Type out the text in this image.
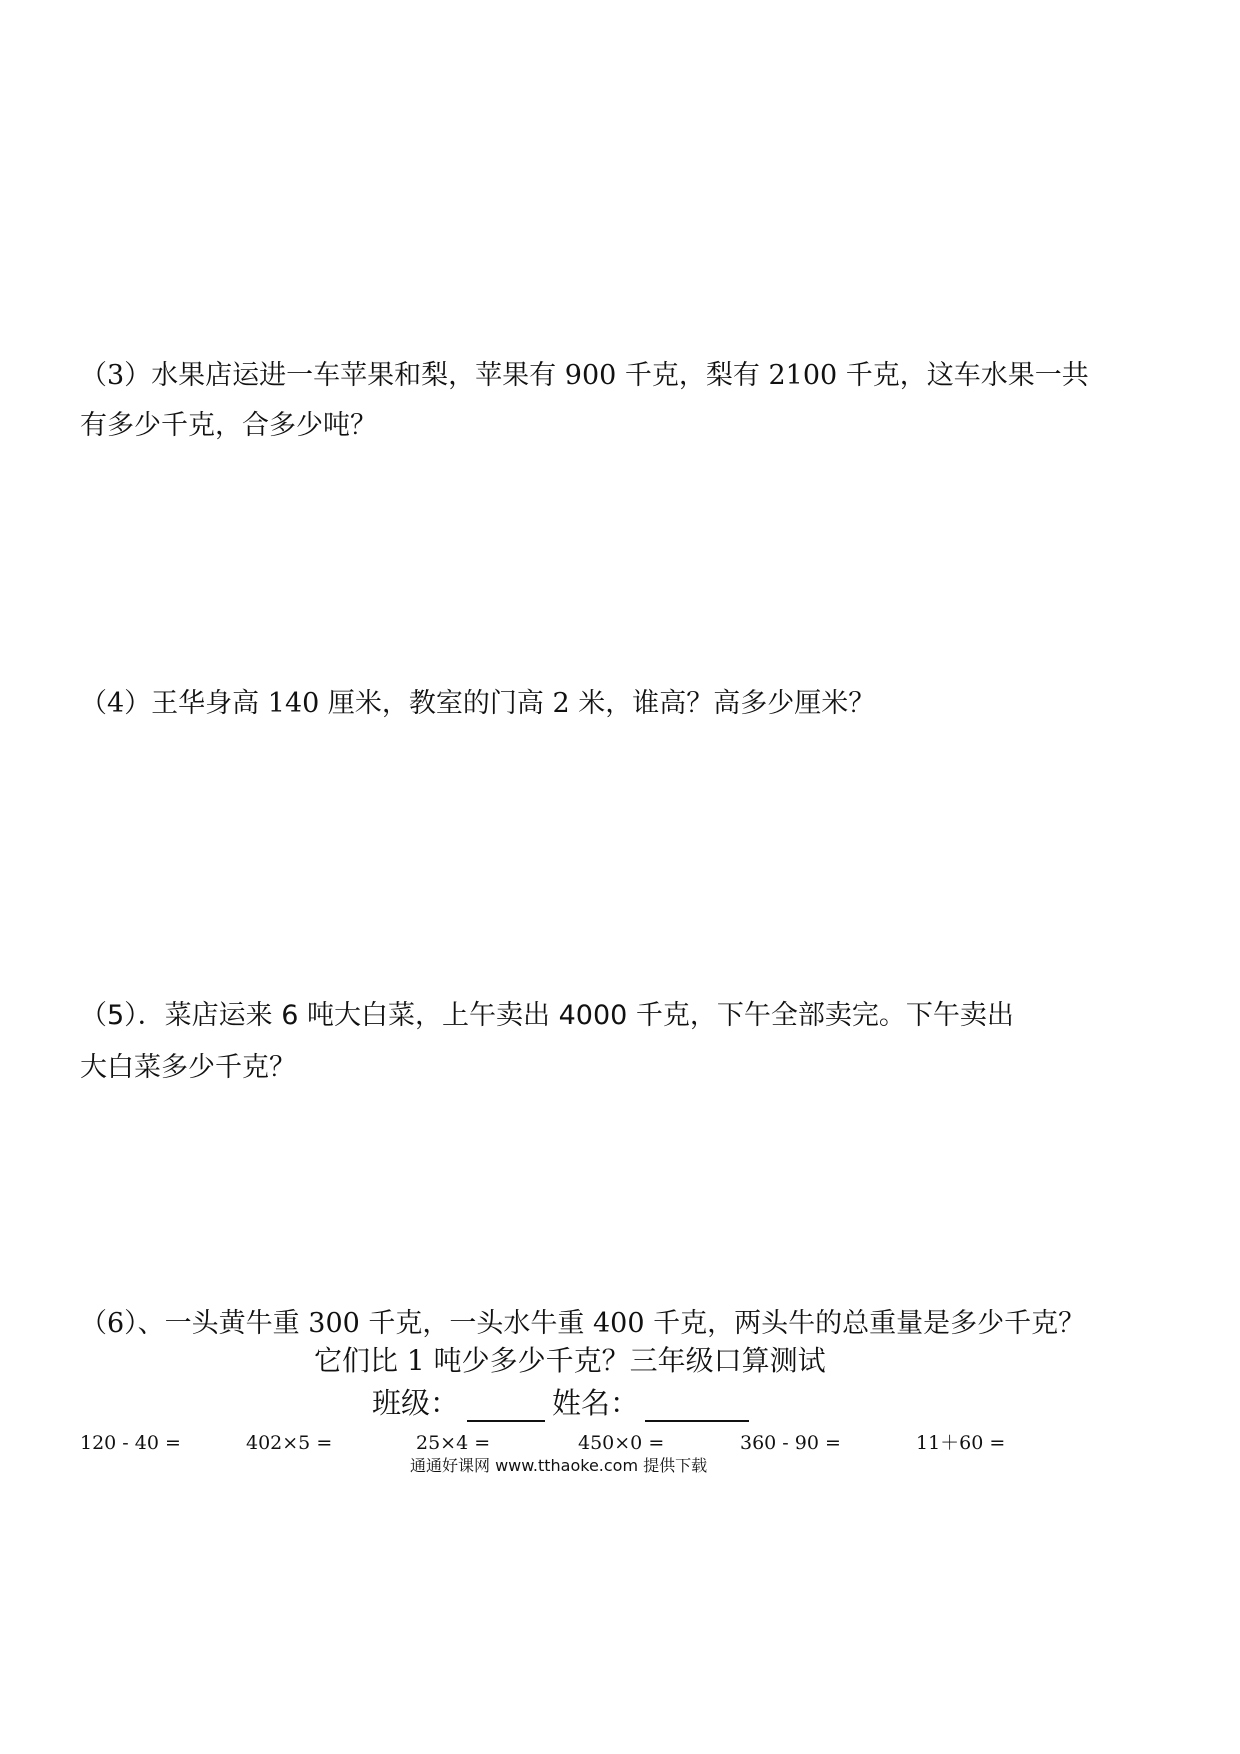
（3）水果店运进一车苹果和梨，苹果有 900 千克，梨有 2100 千克，这车水果一共
有多少千克，合多少吨？
（4）王华身高 140 厘米，教室的门高 2 米，谁高？高多少厘米？
（5）．菜店运来 6 吨大白菜，上午卖出 4000 千克，下午全部卖完。下午卖出
大白菜多少千克？
（6）、一头黄牛重 300 千克，一头水牛重 400 千克，两头牛的总重量是多少千克？
它们比 1 吨少多少千克？三年级口算测试
班级：	姓名：
120 - 40 =	402×5 =	25×4 =	450×0 =	360 - 90 =	11＋60 =
通通好课网 www.tthaoke.com 提供下载
